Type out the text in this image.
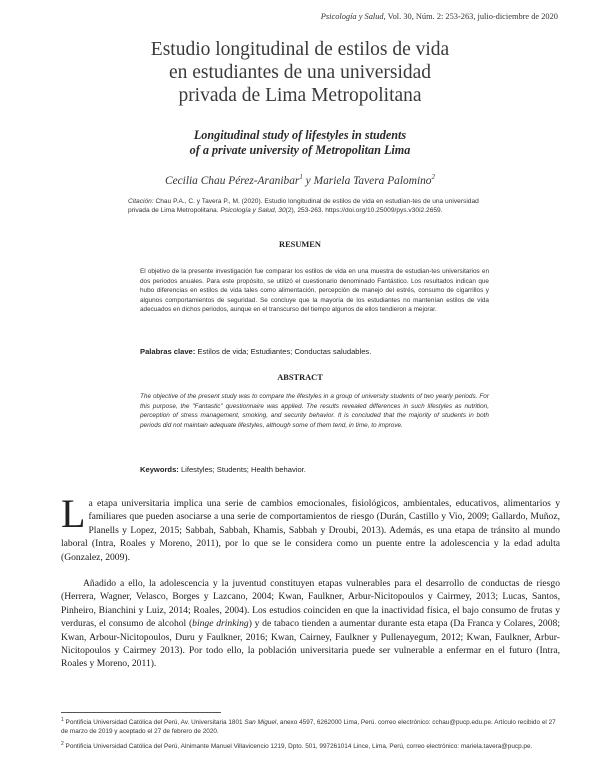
Psicología y Salud, Vol. 30, Núm. 2: 253-263, julio-diciembre de 2020
Estudio longitudinal de estilos de vida
en estudiantes de una universidad
privada de Lima Metropolitana
Longitudinal study of lifestyles in students
of a private university of Metropolitan Lima
Cecilia Chau Pérez-Aranibar$^1$ y Mariela Tavera Palomino$^2$
Citación: Chau P.A., C. y Tavera P., M. (2020). Estudio longitudinal de estilos de vida en estudian-tes de una universidad privada de Lima Metropolitana. Psicología y Salud, 30(2), 253-263. https://doi.org/10.25009/pys.v30i2.2659.
RESUMEN
El objetivo de la presente investigación fue comparar los estilos de vida en una muestra de estudian-tes universitarios en dos periodos anuales. Para este propósito, se utilizó el cuestionario denominado Fantástico. Los resultados indican que hubo diferencias en estilos de vida tales como alimentación, percepción de manejo del estrés, consumo de cigarrillos y algunos comportamientos de seguridad. Se concluye que la mayoría de los estudiantes no mantenían estilos de vida adecuados en dichos periodos, aunque en el transcurso del tiempo algunos de ellos tendieron a mejorar.
Palabras clave: Estilos de vida; Estudiantes; Conductas saludables.
ABSTRACT
The objective of the present study was to compare the lifestyles in a group of university students of two yearly periods. For this purpose, the "Fantastic" questionnaire was applied. The results revealed differences in such lifestyles as nutrition, perception of stress management, smoking, and security behavior. It is concluded that the majority of students in both periods did not maintain adequate lifestyles, although some of them tend, in time, to improve.
Keywords: Lifestyles; Students; Health behavior.
La etapa universitaria implica una serie de cambios emocionales, fisiológicos, ambientales, educativos, alimentarios y familiares que pueden asociarse a una serie de comportamientos de riesgo (Durán, Castillo y Vio, 2009; Gallardo, Muñoz, Planells y Lopez, 2015; Sabbah, Sabbah, Khamis, Sabbah y Droubi, 2013). Además, es una etapa de tránsito al mundo laboral (Intra, Roales y Moreno, 2011), por lo que se le considera como un puente entre la adolescencia y la edad adulta (Gonzalez, 2009).
Añadido a ello, la adolescencia y la juventud constituyen etapas vulnerables para el desarrollo de conductas de riesgo (Herrera, Wagner, Velasco, Borges y Lazcano, 2004; Kwan, Faulkner, Arbur-Nicitopoulos y Cairmey, 2013; Lucas, Santos, Pinheiro, Bianchini y Luiz, 2014; Roales, 2004). Los estudios coinciden en que la inactividad física, el bajo consumo de frutas y verduras, el consumo de alcohol (binge drinking) y de tabaco tienden a aumentar durante esta etapa (Da Franca y Colares, 2008; Kwan, Arbour-Nicitopoulos, Duru y Faulkner, 2016; Kwan, Cairney, Faulkner y Pullenayegum, 2012; Kwan, Faulkner, Arbur-Nicitopoulos y Cairmey 2013). Por todo ello, la población universitaria puede ser vulnerable a enfermar en el futuro (Intra, Roales y Moreno, 2011).
$^1$ Pontificia Universidad Católica del Perú, Av. Universitaria 1801 San Miguel, anexo 4597, 6262000 Lima, Perú. correo electrónico: cchau@pucp.edu.pe. Artículo recibido el 27 de marzo de 2019 y aceptado el 27 de febrero de 2020.
$^2$ Pontificia Universidad Católica del Perú, Alnimante Manuel Villavicencio 1219, Dpto. 501, 997261014 Lince, Lima, Perú, correo electrónico: mariela.tavera@pucp.pe.
